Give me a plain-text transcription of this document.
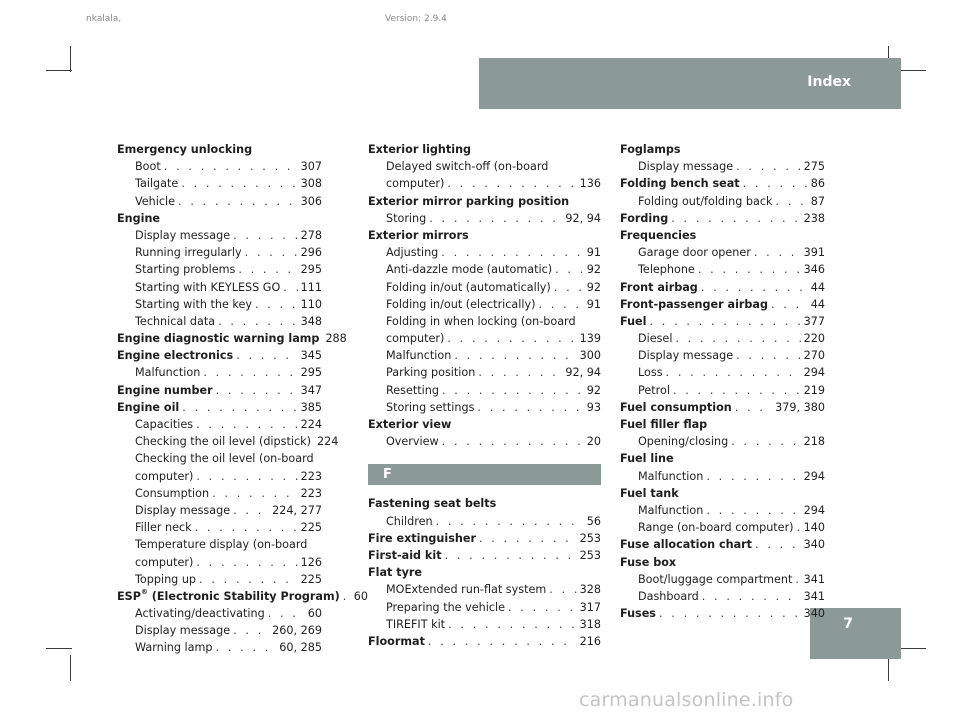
nkalala,	Version: 2.9.4
Index
7
Emergency unlocking
Boot . . .	307
Tailgate . . .	308
Vehicle . . .	306
Engine
Display message . . .	278
Running irregularly . . .	296
Starting problems . . .	295
Starting with KEYLESS GO . . . 111
Starting with the key . . .	110
Technical data . . .	348
Engine diagnostic warning lamp 288
Engine electronics . . .	345
Malfunction . . .	295
Engine number . . .	347
Engine oil . . .	385
Capacities . . .	224
Checking the oil level (dipstick) 224
Checking the oil level (on-board
computer) . . .	223
Consumption . . .	223
Display message . . .	224, 277
Filler neck . . .	225
Temperature display (on-board
computer) . . .	126
Topping up . . .	225
ESP® (Electronic Stability Program) . . . 60
Activating/deactivating . . .	60
Display message . . .	260, 269
Warning lamp . . .	60, 285
Exterior lighting
Delayed switch-off (on-board
computer) . . .	136
Exterior mirror parking position
Storing . . .	92, 94
Exterior mirrors
Adjusting . . .	91
Anti-dazzle mode (automatic) . . .	92
Folding in/out (automatically) . . .	92
Folding in/out (electrically) . . .	91
Folding in when locking (on-board
computer) . . .	139
Malfunction . . .	300
Parking position . . .	92, 94
Resetting . . .	92
Storing settings . . .	93
Exterior view
Overview . . .	20
F
Fastening seat belts
Children . . .	56
Fire extinguisher . . .	253
First-aid kit . . .	253
Flat tyre
MOExtended run-flat system . . .	328
Preparing the vehicle . . .	317
TIREFIT kit . . .	318
Floormat . . .	216
Foglamps
Display message . . .	275
Folding bench seat . . .	86
Folding out/folding back . . .	87
Fording . . .	238
Frequencies
Garage door opener . . .	391
Telephone . . .	346
Front airbag . . .	44
Front-passenger airbag . . .	44
Fuel . . .	377
Diesel . . .	220
Display message . . .	270
Loss . . .	294
Petrol . . .	219
Fuel consumption . . .	379, 380
Fuel filler flap
Opening/closing . . .	218
Fuel line
Malfunction . . .	294
Fuel tank
Malfunction . . .	294
Range (on-board computer) . . . 140
Fuse allocation chart . . .	340
Fuse box
Boot/luggage compartment . . . 341
Dashboard . . .	341
Fuses . . .	340
carmanualsonline.info
